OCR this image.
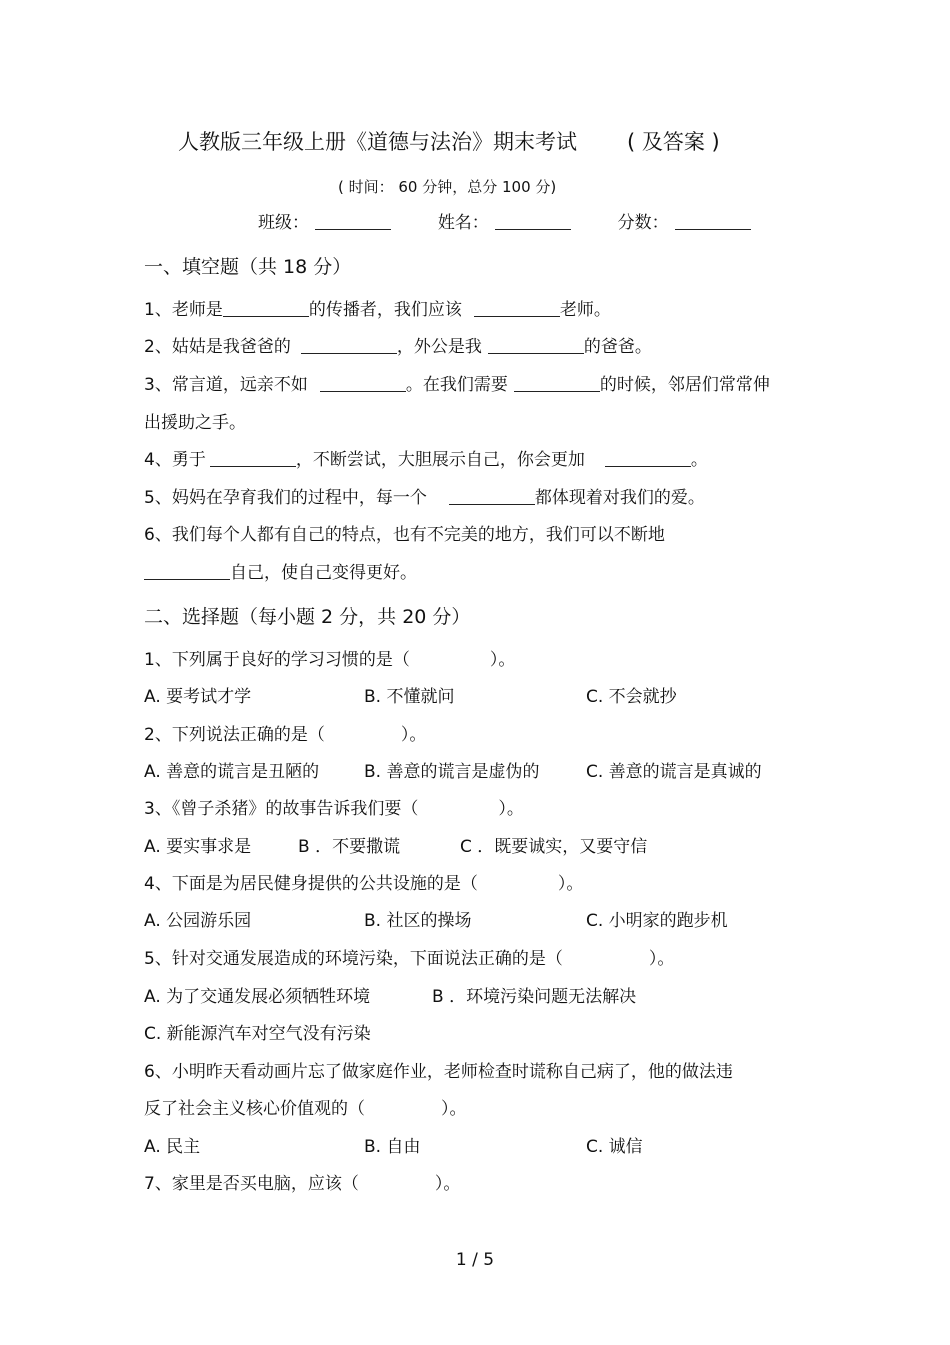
人教版三年级上册《道德与法治》期末考试 ( 及答案 )
( 时间： 60 分钟，总分 100 分)
班级：	姓名：	分数：
一、填空题（共 18 分）
1、老师是	的传播者，我们应该	老师。
2、姑姑是我爸爸的	，外公是我	的爸爸。
3、常言道，远亲不如	。在我们需要	的时候，邻居们常常伸
出援助之手。
4、勇于	，不断尝试，大胆展示自己，你会更加	。
5、妈妈在孕育我们的过程中，每一个	都体现着对我们的爱。
6、我们每个人都有自己的特点，也有不完美的地方，我们可以不断地
自己，使自己变得更好。
二、选择题（每小题 2 分，共 20 分）
1、下列属于良好的学习习惯的是（	）。
A. 要考试才学	B. 不懂就问	C. 不会就抄
2、下列说法正确的是（	）。
A. 善意的谎言是丑陋的	B. 善意的谎言是虚伪的	C. 善意的谎言是真诚的
3、《曾子杀猪》的故事告诉我们要（	）。
A. 要实事求是	B ．不要撒谎	C ．既要诚实，又要守信
4、下面是为居民健身提供的公共设施的是（	）。
A. 公园游乐园	B. 社区的操场	C. 小明家的跑步机
5、针对交通发展造成的环境污染，下面说法正确的是（	）。
A. 为了交通发展必须牺牲环境	B ．环境污染问题无法解决
C. 新能源汽车对空气没有污染
6、小明昨天看动画片忘了做家庭作业，老师检查时谎称自己病了，他的做法违
反了社会主义核心价值观的（	）。
A. 民主	B. 自由	C. 诚信
7、家里是否买电脑，应该（	）。
1 / 5
